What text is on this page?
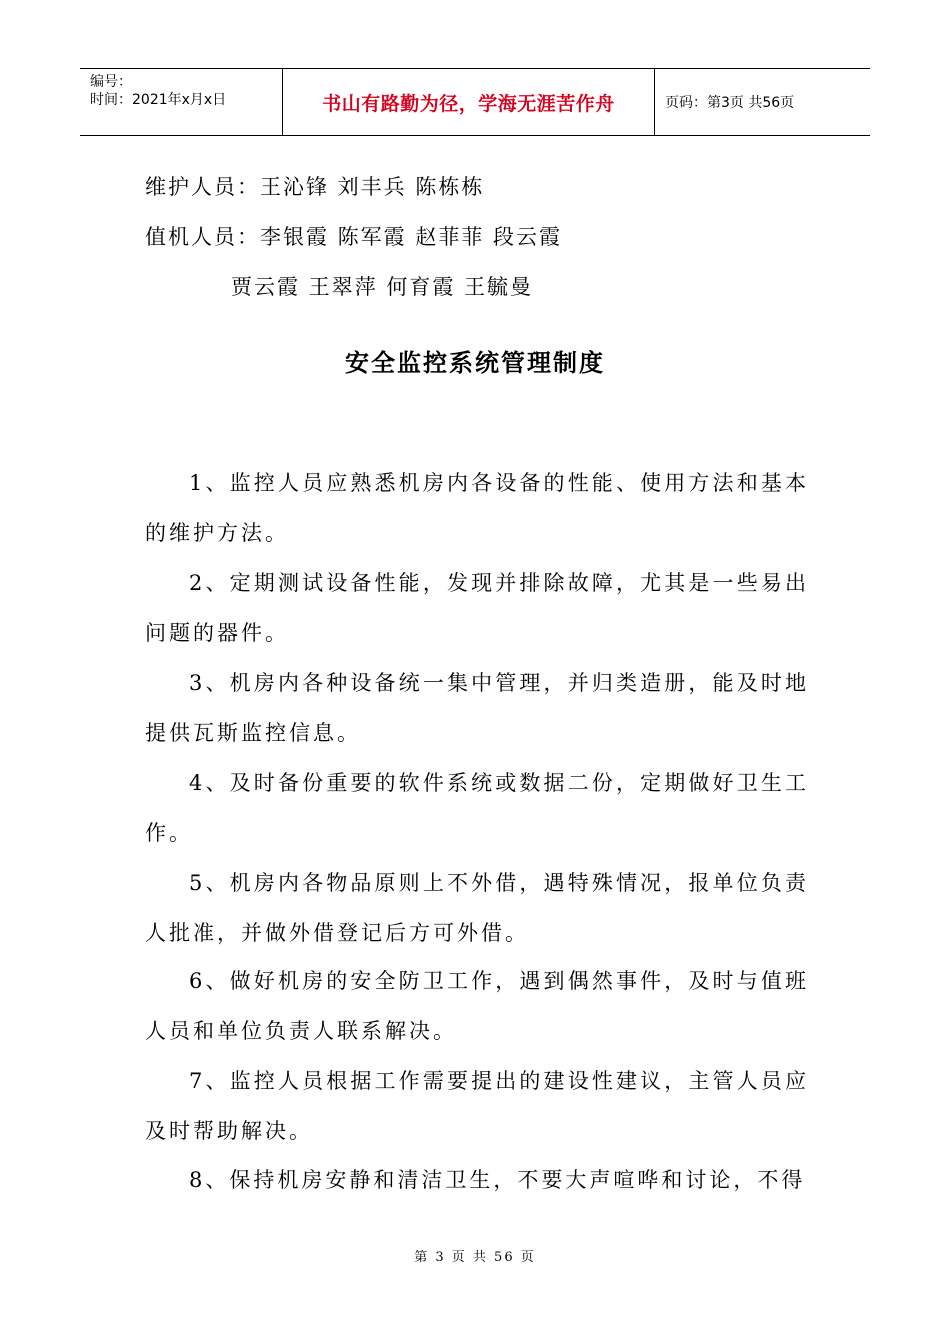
编号：
时间：2021年x月x日	书山有路勤为径，学海无涯苦作舟	页码：第3页 共56页
维护人员：王沁锋 刘丰兵 陈栋栋
值机人员：李银霞 陈军霞 赵菲菲 段云霞
贾云霞 王翠萍 何育霞 王毓曼
安全监控系统管理制度
1、监控人员应熟悉机房内各设备的性能、使用方法和基本的维护方法。
2、定期测试设备性能，发现并排除故障，尤其是一些易出问题的器件。
3、机房内各种设备统一集中管理，并归类造册，能及时地提供瓦斯监控信息。
4、及时备份重要的软件系统或数据二份，定期做好卫生工作。
5、机房内各物品原则上不外借，遇特殊情况，报单位负责人批准，并做外借登记后方可外借。
6、做好机房的安全防卫工作，遇到偶然事件，及时与值班人员和单位负责人联系解决。
7、监控人员根据工作需要提出的建设性建议，主管人员应及时帮助解决。
8、保持机房安静和清洁卫生，不要大声喧哗和讨论，不得
第 3 页 共 56 页
